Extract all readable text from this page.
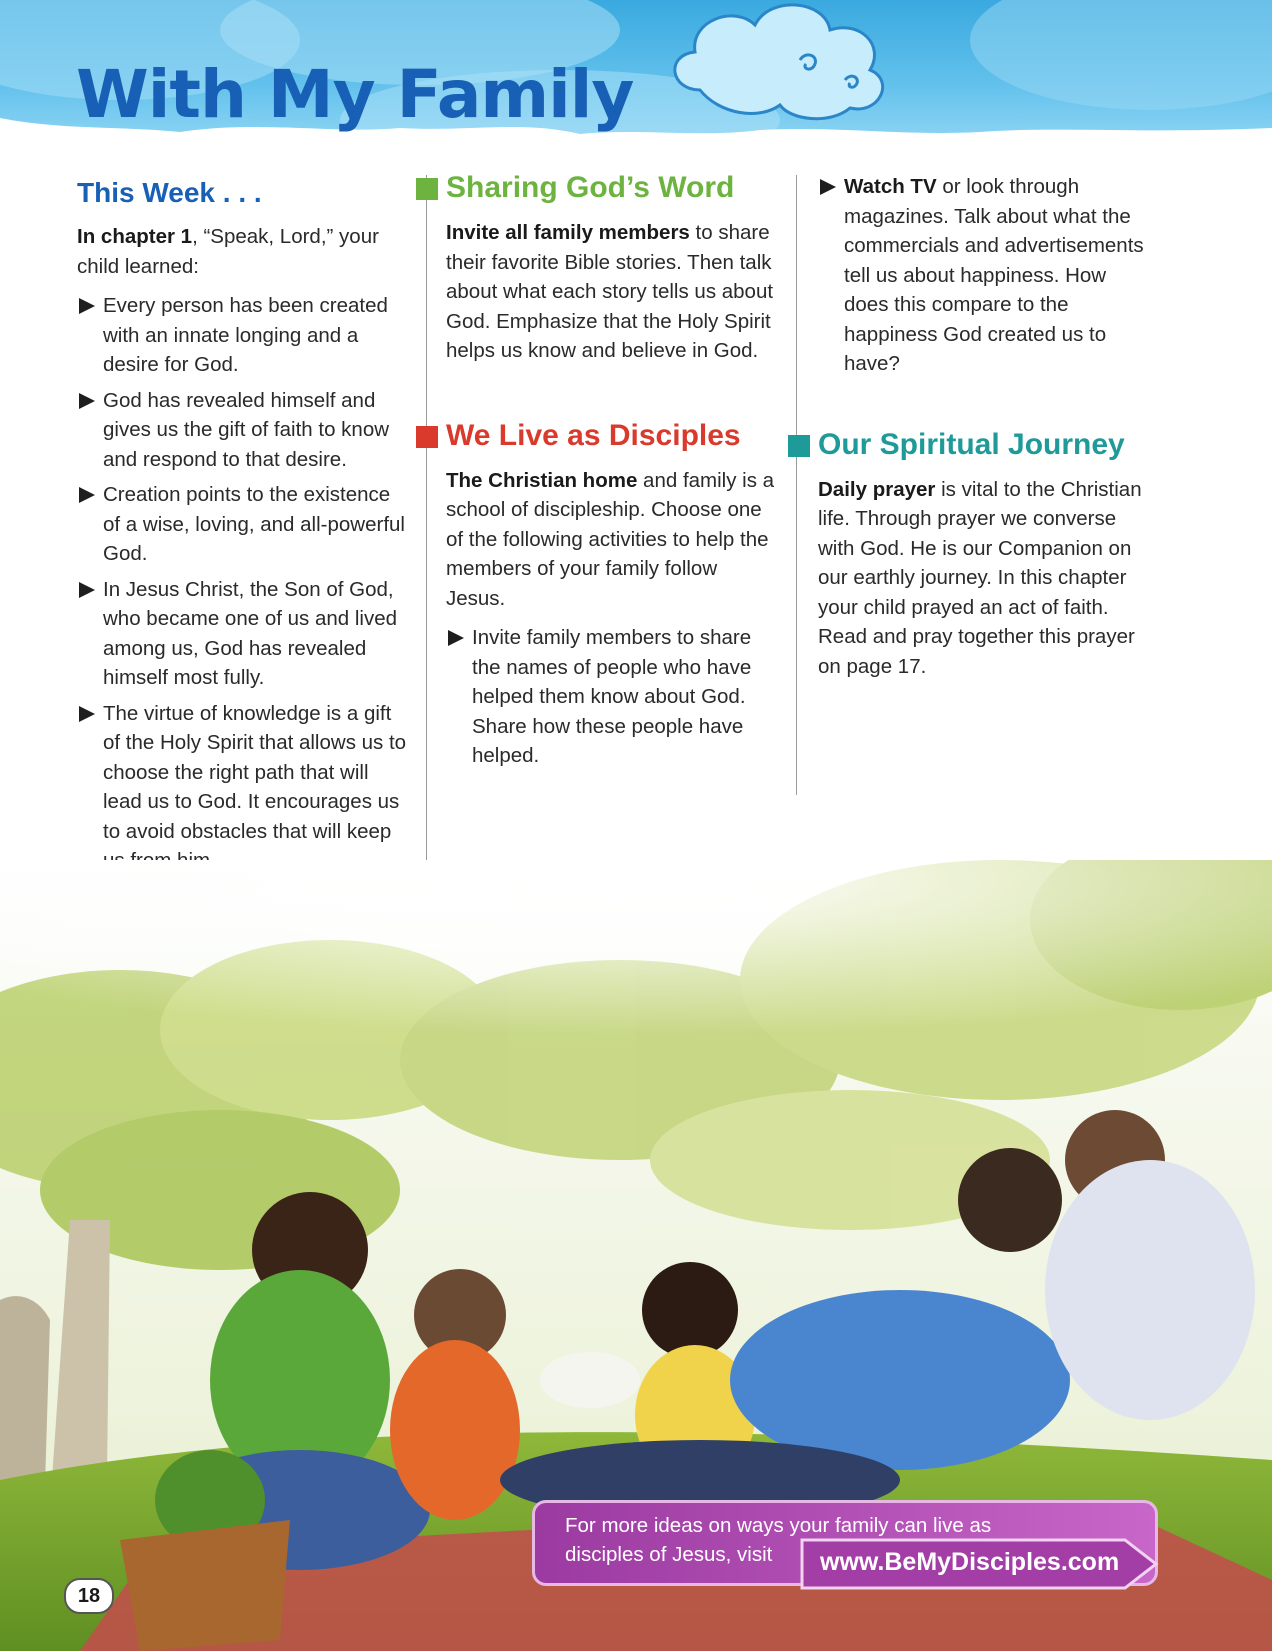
With My Family
This Week . . .

In chapter 1, “Speak, Lord,” your child learned:

Every person has been created with an innate longing and a desire for God.
God has revealed himself and gives us the gift of faith to know and respond to that desire.
Creation points to the existence of a wise, loving, and all-powerful God.
In Jesus Christ, the Son of God, who became one of us and lived among us, God has revealed himself most fully.
The virtue of knowledge is a gift of the Holy Spirit that allows us to choose the right path that will lead us to God. It encourages us to avoid obstacles that will keep

Sharing God’s Word

Invite all family members to share their favorite Bible stories. Then talk about what each story tells us about God. Emphasize that the Holy Spirit helps us know and believe in God.

We Live as Disciples

The Christian home and family is a school of discipleship. Choose one of the following activities to help the members of your family follow Jesus.

Invite family members to share the names of people who have helped them know about God. Share how these people have helped.
Watch TV or look through magazines. Talk about what the commercials and advertisements tell us about happiness. How does this compare to the happiness God created us to have?
Our Spiritual Journey

Daily prayer is vital to the Christian life. Through prayer we converse with God. He is our Companion on our earthly journey. In this chapter your child prayed an act of faith. Read and pray together this prayer on page 17.

For more ideas on ways your family can live as disciples of Jesus, visit	www.BeMyDisciples.com
18
